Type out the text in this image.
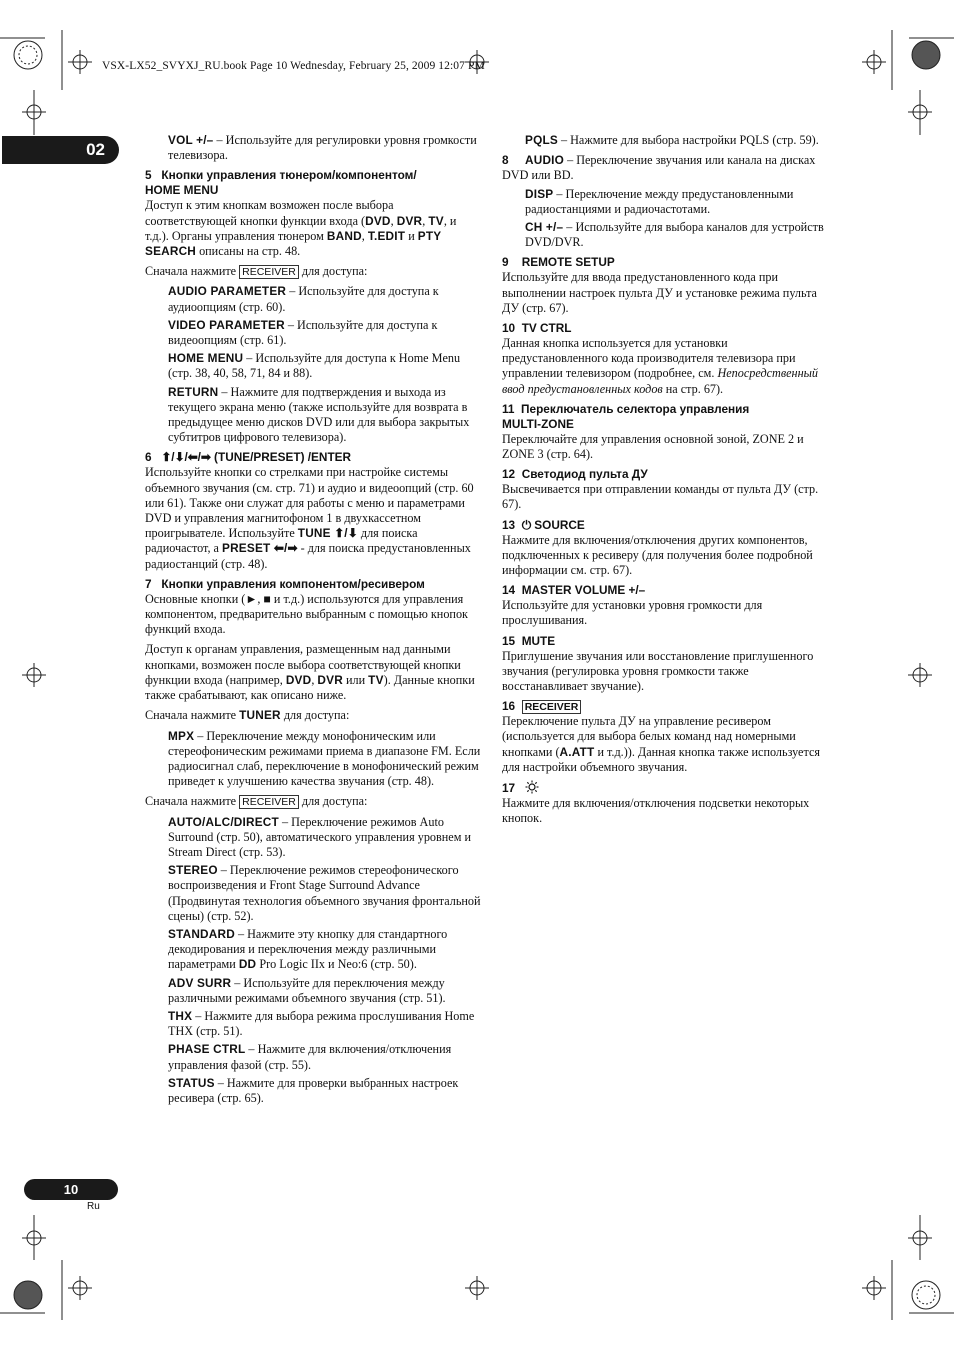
VSX-LX52_SVYXJ_RU.book Page 10 Wednesday, February 25, 2009 12:07 PM
02
10
Ru

VOL +/– – Используйте для регулировки уровня громкости телевизора.

5 Кнопки управления тюнером/компонентом/
HOME MENU

Доступ к этим кнопкам возможен после выбора соответствующей кнопки функции входа (DVD, DVR, TV, и т.д.). Органы управления тюнером BAND, T.EDIT и PTY SEARCH описаны на стр. 48.

Сначала нажмите RECEIVER для доступа:

AUDIO PARAMETER – Используйте для доступа к аудиоопциям (стр. 60).

VIDEO PARAMETER – Используйте для доступа к видеоопциям (стр. 61).

HOME MENU – Используйте для доступа к Home Menu (стр. 38, 40, 58, 71, 84 и 88).

RETURN – Нажмите для подтверждения и выхода из текущего экрана меню (также используйте для возврата в предыдущее меню дисков DVD или для выбора закрытых субтитров цифрового телевизора).

6 ⬆/⬇/⬅/➡ (TUNE/PRESET) /ENTER

Используйте кнопки со стрелками при настройке системы объемного звучания (см. стр. 71) и аудио и видеоопций (стр. 60 или 61). Также они служат для работы с меню и параметрами DVD и управления магнитофоном 1 в двухкассетном проигрывателе. Используйте TUNE ⬆/⬇ для поиска радиочастот, а PRESET ⬅/➡ - для поиска предустановленных радиостанций (стр. 48).

7 Кнопки управления компонентом/ресивером

Основные кнопки (►, ■ и т.д.) используются для управления компонентом, предварительно выбранным с помощью кнопок функций входа.

Доступ к органам управления, размещенным над данными кнопками, возможен после выбора соответствующей кнопки функции входа (например, DVD, DVR или TV). Данные кнопки также срабатывают, как описано ниже.

Сначала нажмите TUNER для доступа:

MPX – Переключение между монофоническим или стереофоническим режимами приема в диапазоне FM. Если радиосигнал слаб, переключение в монофонический режим приведет к улучшению качества звучания (стр. 48).

Сначала нажмите RECEIVER для доступа:

AUTO/ALC/DIRECT – Переключение режимов Auto Surround (стр. 50), автоматического управления уровнем и Stream Direct (стр. 53).

STEREO – Переключение режимов стереофонического воспроизведения и Front Stage Surround Advance (Продвинутая технология объемного звучания фронтальной сцены) (стр. 52).

STANDARD – Нажмите эту кнопку для стандартного декодирования и переключения между различными параметрами DD Pro Logic IIx и Neo:6 (стр. 50).

ADV SURR – Используйте для переключения между различными режимами объемного звучания (стр. 51).

THX – Нажмите для выбора режима прослушивания Home THX (стр. 51).

PHASE CTRL – Нажмите для включения/отключения управления фазой (стр. 55).

STATUS – Нажмите для проверки выбранных настроек ресивера (стр. 65).

PQLS – Нажмите для выбора настройки PQLS (стр. 59).

8 AUDIO – Переключение звучания или канала на дисках DVD или BD.

DISP – Переключение между предустановленными радиостанциями и радиочастотами.

CH +/– – Используйте для выбора каналов для устройств DVD/DVR.

9 REMOTE SETUP

Используйте для ввода предустановленного кода при выполнении настроек пульта ДУ и установке режима пульта ДУ (стр. 67).

10 TV CTRL

Данная кнопка используется для установки предустановленного кода производителя телевизора при управлении телевизором (подробнее, см. Непосредственный ввод предустановленных кодов на стр. 67).

11 Переключатель селектора управления
MULTI-ZONE

Переключайте для управления основной зоной, ZONE 2 и ZONE 3 (стр. 64).

12 Светодиод пульта ДУ

Высвечивается при отправлении команды от пульта ДУ (стр. 67).

13 ⏻ SOURCE

Нажмите для включения/отключения других компонентов, подключенных к ресиверу (для получения более подробной информации см. стр. 67).

14 MASTER VOLUME +/–

Используйте для установки уровня громкости для прослушивания.

15 MUTE

Приглушение звучания или восстановление приглушенного звучания (регулировка уровня громкости также восстанавливает звучание).

16 RECEIVER

Переключение пульта ДУ на управление ресивером (используется для выбора белых команд над номерными кнопками (A.ATT и т.д.)). Данная кнопка также используется для настройки объемного звучания.

17

Нажмите для включения/отключения подсветки некоторых кнопок.
